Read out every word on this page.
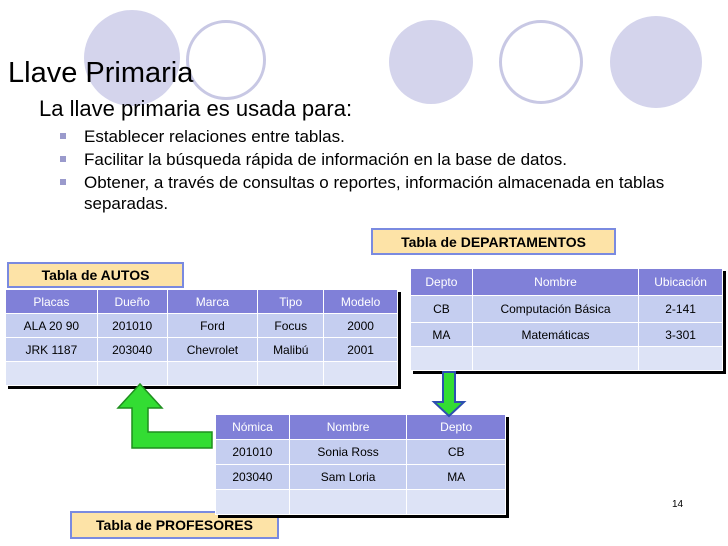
Llave Primaria
La llave primaria es usada para:
Establecer relaciones entre tablas.
Facilitar la búsqueda rápida de información en la base de datos.
Obtener, a través de consultas o reportes, información almacenada en tablas separadas.
Tabla de AUTOS
Tabla de DEPARTAMENTOS
Tabla de PROFESORES
Placas	Dueño	Marca	Tipo	Modelo
ALA 20 90	201010	Ford	Focus	2000
JRK 1187	203040	Chevrolet	Malibú	2001

Depto	Nombre	Ubicación
CB	Computación Básica	2-141
MA	Matemáticas	3-301

Nómica	Nombre	Depto
201010	Sonia Ross	CB
203040	Sam Loria	MA

14
